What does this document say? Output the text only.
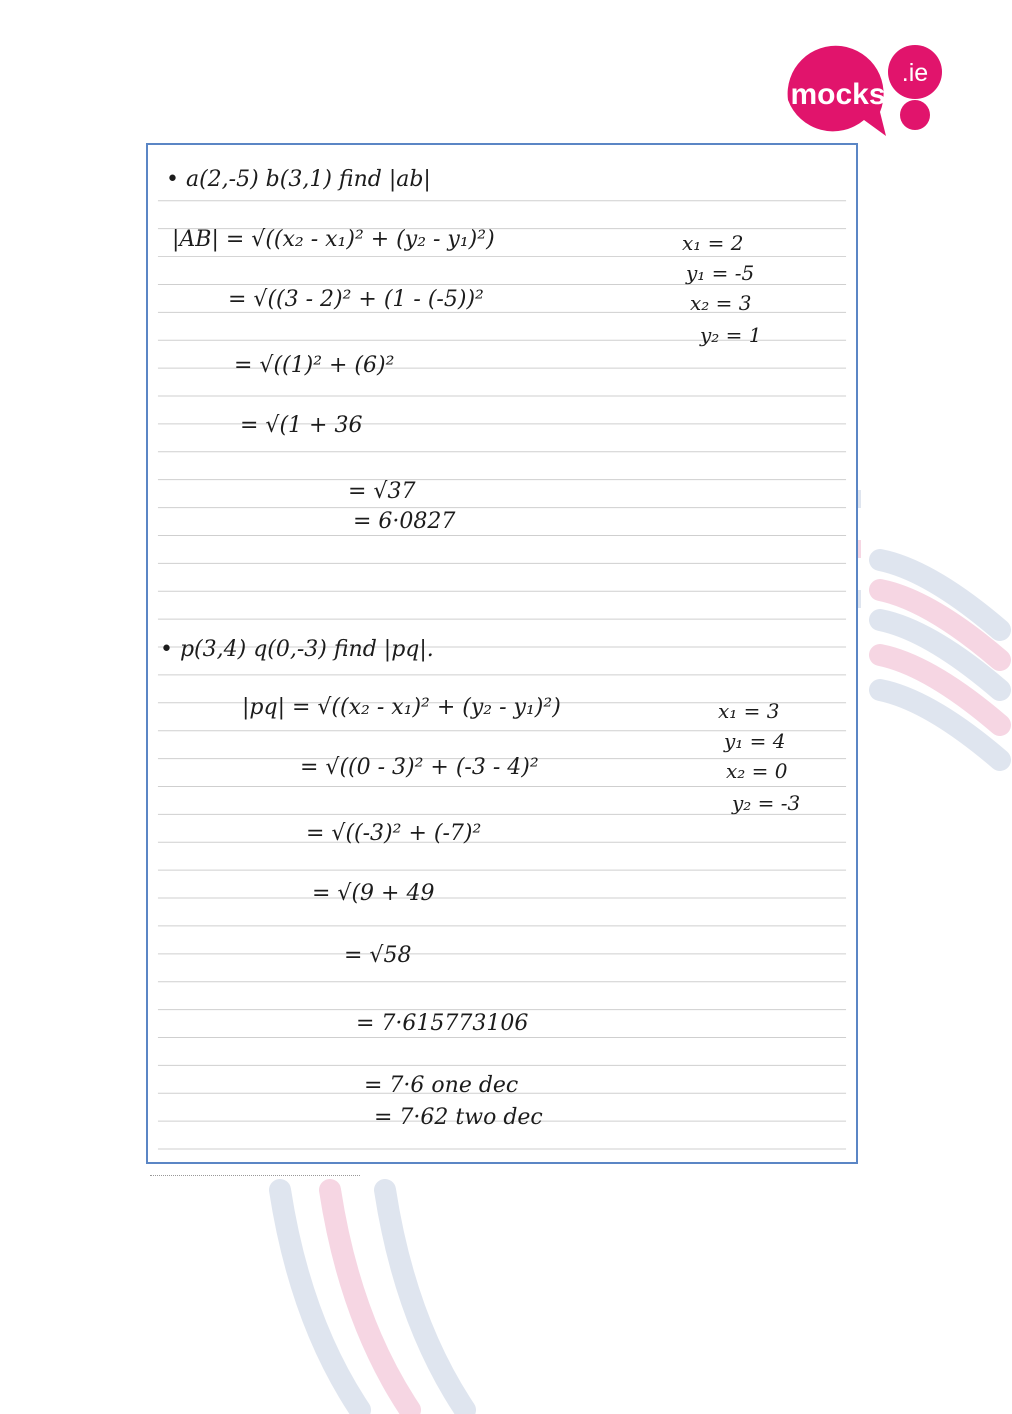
mocks
.ie
• a(2,-5) b(3,1) find |ab|
|AB| = √((x₂ - x₁)² + (y₂ - y₁)²)
= √((3 - 2)² + (1 - (-5))²
= √((1)² + (6)²
= √(1 + 36
= √37
= 6·0827
x₁ = 2
y₁ = -5
x₂ = 3
y₂ = 1
• p(3,4) q(0,-3) find |pq|.
|pq| = √((x₂ - x₁)² + (y₂ - y₁)²)
= √((0 - 3)² + (-3 - 4)²
= √((-3)² + (-7)²
= √(9 + 49
= √58
= 7·615773106
= 7·6 one dec
= 7·62 two dec
x₁ = 3
y₁ = 4
x₂ = 0
y₂ = -3
